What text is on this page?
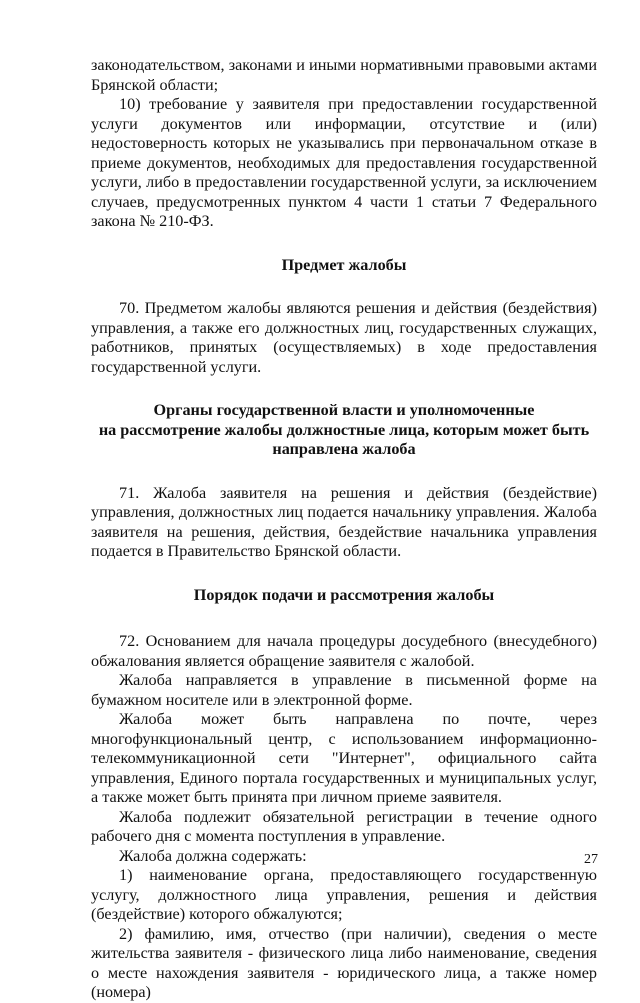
законодательством, законами и иными нормативными правовыми актами Брянской области;

10) требование у заявителя при предоставлении государственной услуги документов или информации, отсутствие и (или) недостоверность которых не указывались при первоначальном отказе в приеме документов, необходимых для предоставления государственной услуги, либо в предоставлении государственной услуги, за исключением случаев, предусмотренных пунктом 4 части 1 статьи 7 Федерального закона № 210-ФЗ.

Предмет жалобы

70. Предметом жалобы являются решения и действия (бездействия) управления, а также его должностных лиц, государственных служащих, работников, принятых (осуществляемых) в ходе предоставления государственной услуги.

Органы государственной власти и уполномоченные

на рассмотрение жалобы должностные лица, которым может быть

направлена жалоба

71. Жалоба заявителя на решения и действия (бездействие) управления, должностных лиц подается начальнику управления. Жалоба заявителя на решения, действия, бездействие начальника управления подается в Правительство Брянской области.

Порядок подачи и рассмотрения жалобы

72. Основанием для начала процедуры досудебного (внесудебного) обжалования является обращение заявителя с жалобой.

Жалоба направляется в управление в письменной форме на бумажном носителе или в электронной форме.

Жалоба может быть направлена по почте, через многофункциональный центр, с использованием информационно-телекоммуникационной сети "Интернет", официального сайта управления, Единого портала государственных и муниципальных услуг, а также может быть принята при личном приеме заявителя.

Жалоба подлежит обязательной регистрации в течение одного рабочего дня с момента поступления в управление.

Жалоба должна содержать:

1) наименование органа, предоставляющего государственную услугу, должностного лица управления, решения и действия (бездействие) которого обжалуются;

2) фамилию, имя, отчество (при наличии), сведения о месте жительства заявителя - физического лица либо наименование, сведения о месте нахождения заявителя - юридического лица, а также номер (номера)

27
